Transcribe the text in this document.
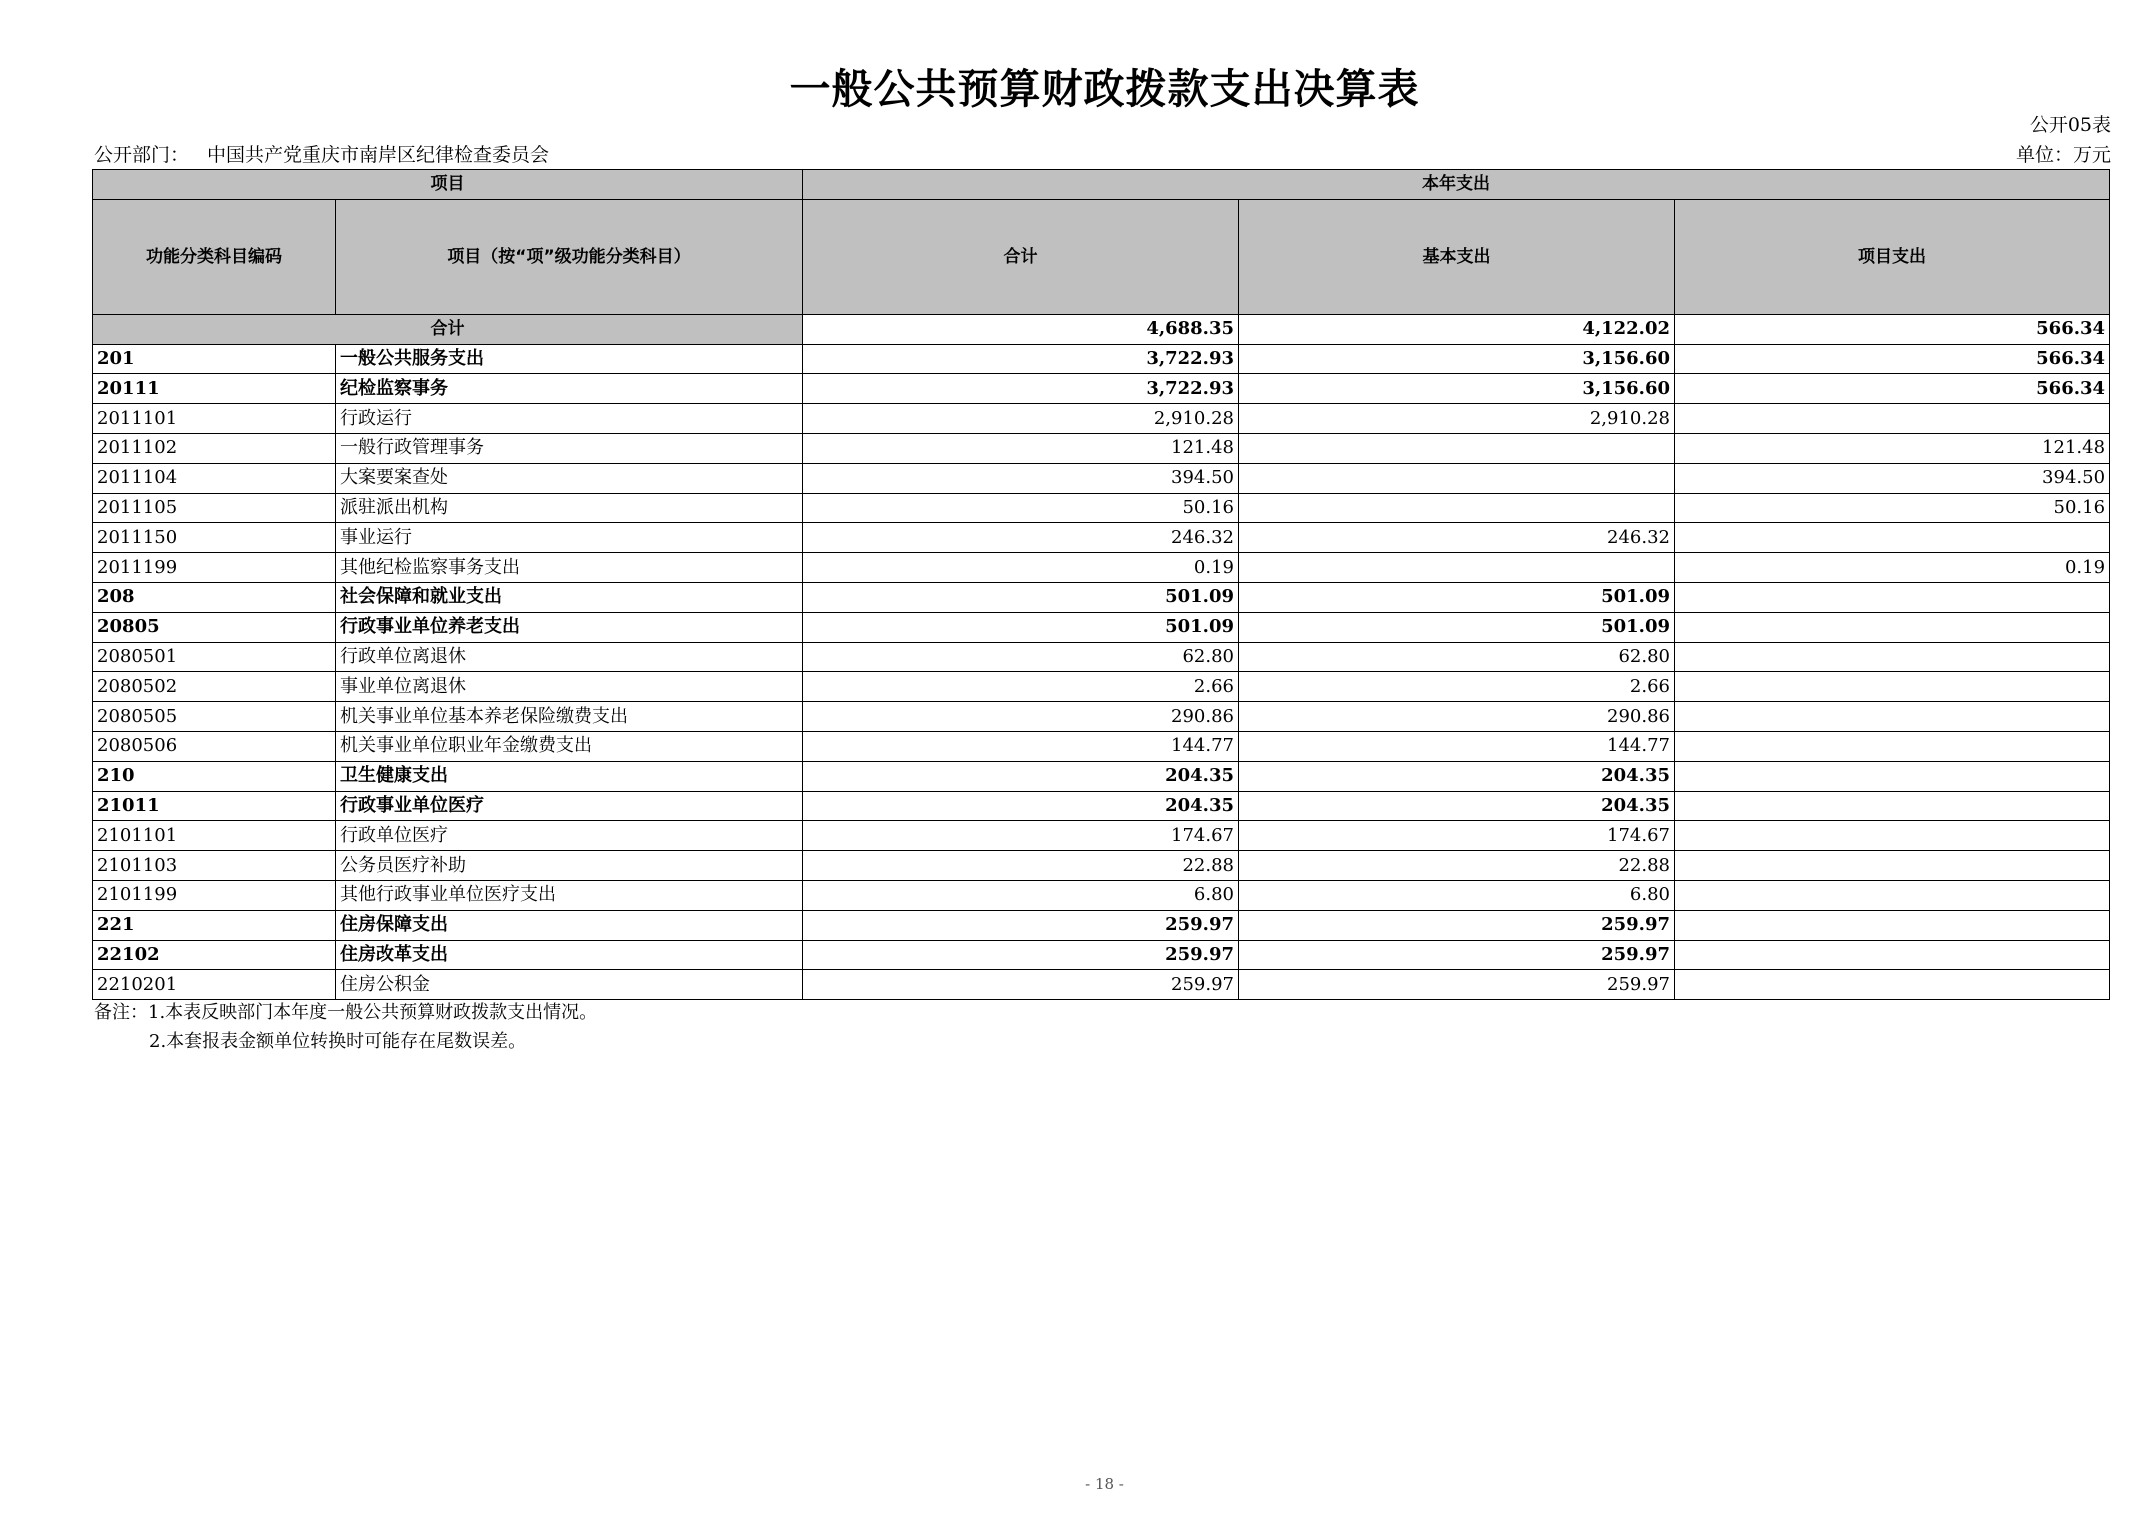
一般公共预算财政拨款支出决算表
公开05表
公开部门： 中国共产党重庆市南岸区纪律检查委员会	单位：万元
项目		本年支出		
功能分类科目编码	项目（按“项”级功能分类科目）	合计	基本支出	项目支出
合计		4,688.35	4,122.02	566.34
201	一般公共服务支出	3,722.93	3,156.60	566.34
20111	纪检监察事务	3,722.93	3,156.60	566.34
2011101	行政运行	2,910.28	2,910.28	
2011102	一般行政管理事务	121.48		121.48
2011104	大案要案查处	394.50		394.50
2011105	派驻派出机构	50.16		50.16
2011150	事业运行	246.32	246.32	
2011199	其他纪检监察事务支出	0.19		0.19
208	社会保障和就业支出	501.09	501.09	
20805	行政事业单位养老支出	501.09	501.09	
2080501	行政单位离退休	62.80	62.80	
2080502	事业单位离退休	2.66	2.66	
2080505	机关事业单位基本养老保险缴费支出	290.86	290.86	
2080506	机关事业单位职业年金缴费支出	144.77	144.77	
210	卫生健康支出	204.35	204.35	
21011	行政事业单位医疗	204.35	204.35	
2101101	行政单位医疗	174.67	174.67	
2101103	公务员医疗补助	22.88	22.88	
2101199	其他行政事业单位医疗支出	6.80	6.80	
221	住房保障支出	259.97	259.97	
22102	住房改革支出	259.97	259.97	
2210201	住房公积金	259.97	259.97	
备注：1.本表反映部门本年度一般公共预算财政拨款支出情况。
2.本套报表金额单位转换时可能存在尾数误差。
- 18 -
